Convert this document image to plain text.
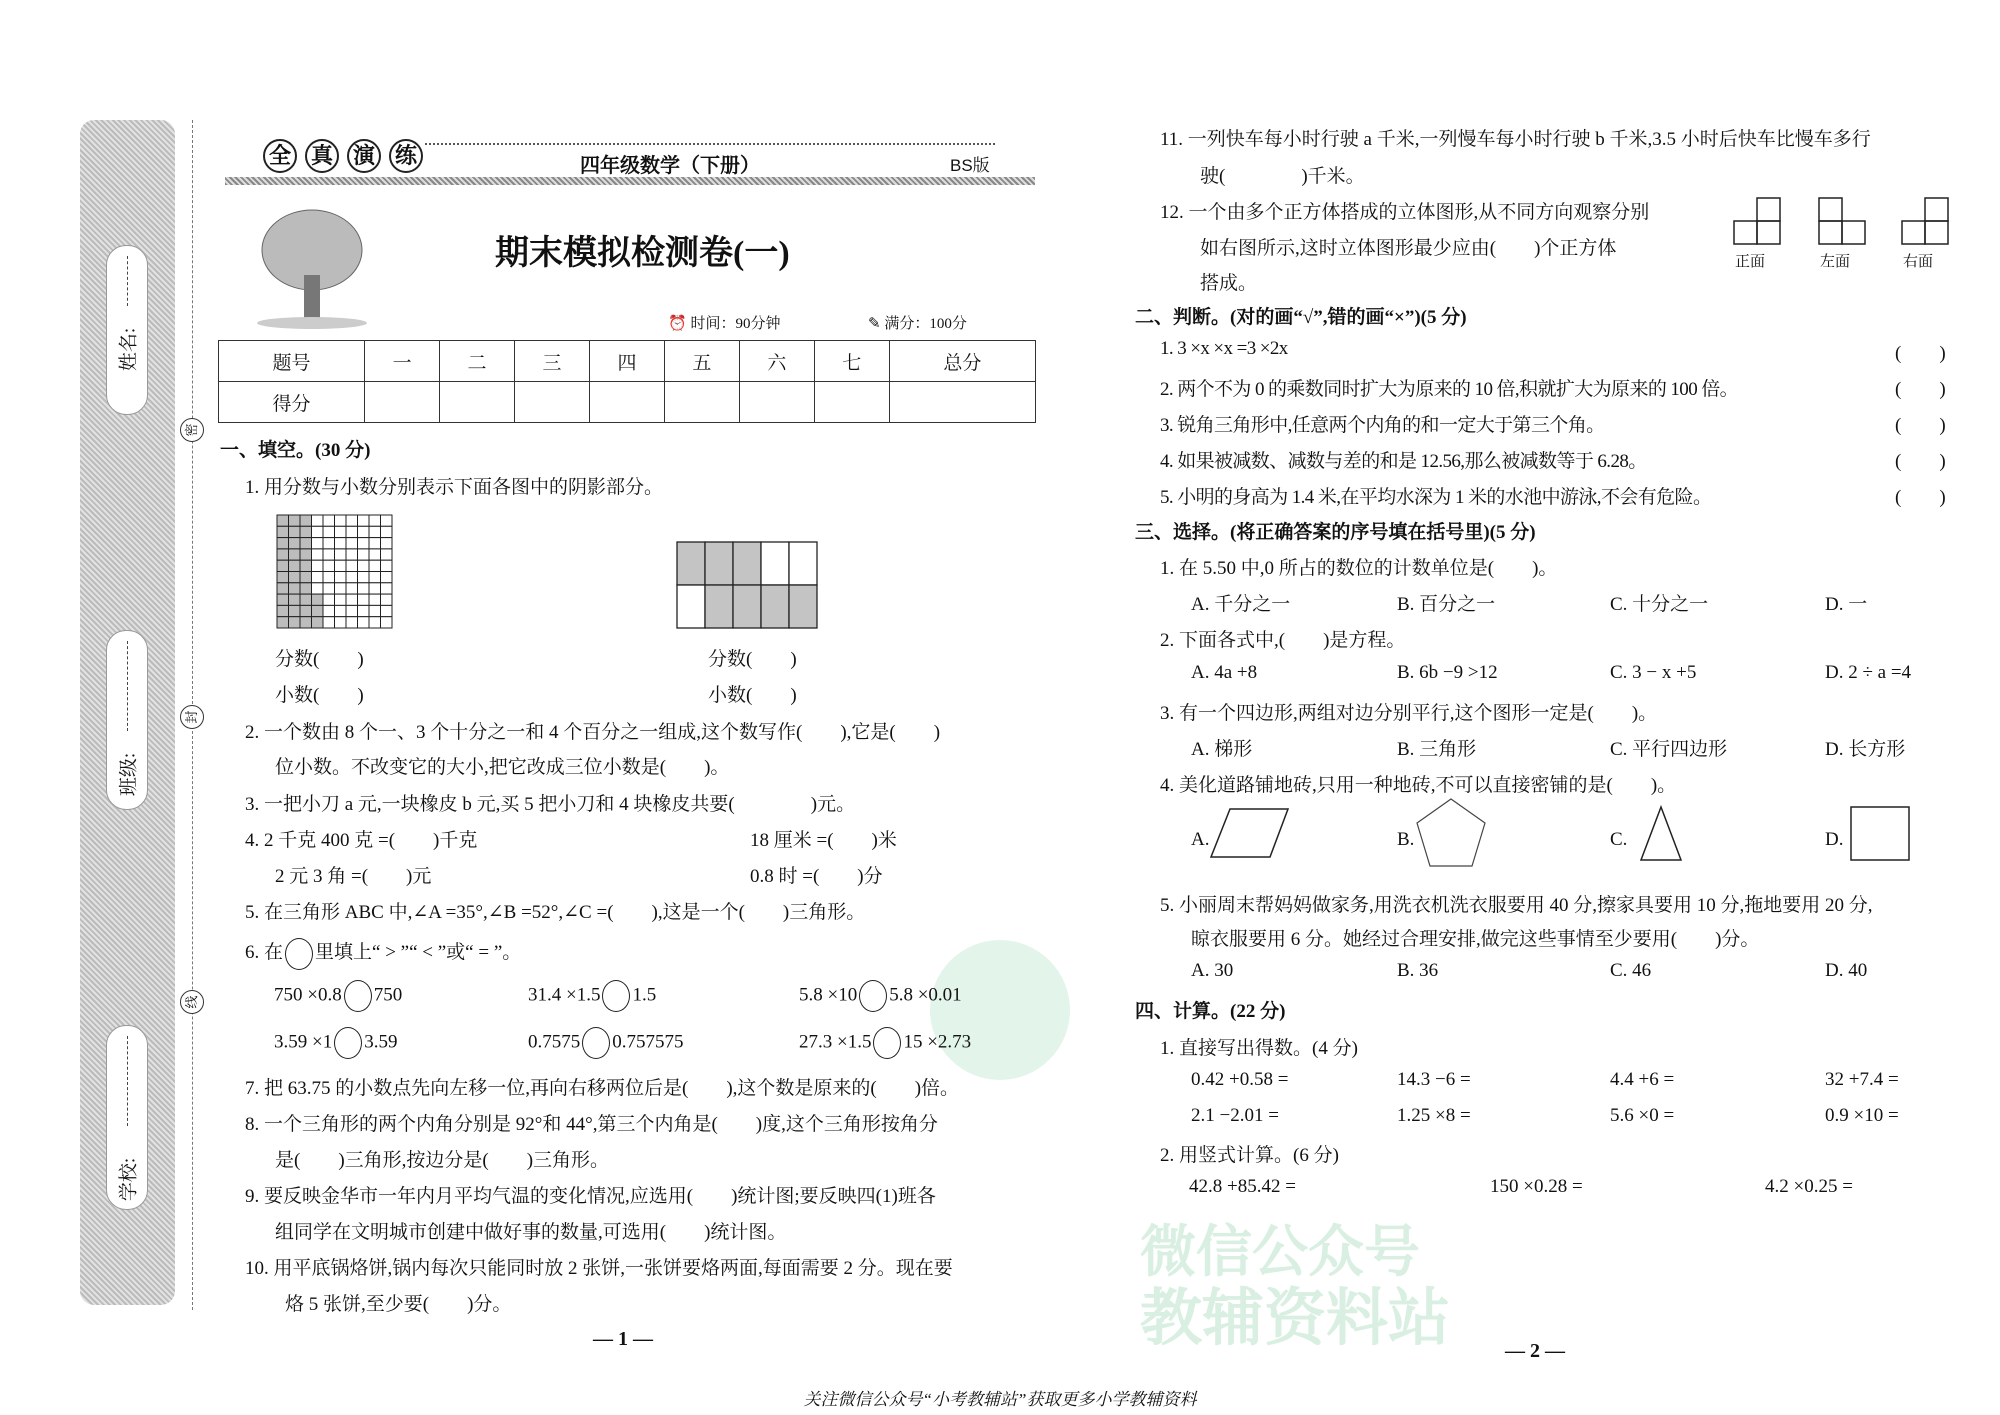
微信公众号
教辅资料站
姓名:
班级:
学校:
密
封
线
全 真 演 练	四年级数学（下册）	BS版
期末模拟检测卷(一)
⏰ 时间：90分钟	✎ 满分：100分
题号	一	二	三	四	五	六	七	总分
得分								
一、填空。(30 分)
1. 用分数与小数分别表示下面各图中的阴影部分。
分数(　　)
小数(　　)
分数(　　)
小数(　　)
2. 一个数由 8 个一、3 个十分之一和 4 个百分之一组成,这个数写作(　　),它是(　　)
位小数。不改变它的大小,把它改成三位小数是(　　)。
3. 一把小刀 a 元,一块橡皮 b 元,买 5 把小刀和 4 块橡皮共要(　　　　)元。
4. 2 千克 400 克 =(　　)千克	18 厘米 =(　　)米
2 元 3 角 =(　　)元	0.8 时 =(　　)分
5. 在三角形 ABC 中,∠A =35°,∠B =52°,∠C =(　　),这是一个(　　)三角形。
6. 在 里填上“ > ”“ < ”或“ = ”。
750 ×0.8 750	31.4 ×1.5 1.5	5.8 ×10 5.8 ×0.01
3.59 ×1 3.59	0.7575 0.757575	27.3 ×1.5 15 ×2.73
7. 把 63.75 的小数点先向左移一位,再向右移两位后是(　　),这个数是原来的(　　)倍。
8. 一个三角形的两个内角分别是 92°和 44°,第三个内角是(　　)度,这个三角形按角分
是(　　)三角形,按边分是(　　)三角形。
9. 要反映金华市一年内月平均气温的变化情况,应选用(　　)统计图;要反映四(1)班各
组同学在文明城市创建中做好事的数量,可选用(　　)统计图。
10. 用平底锅烙饼,锅内每次只能同时放 2 张饼,一张饼要烙两面,每面需要 2 分。现在要
烙 5 张饼,至少要(　　)分。
— 1 —
11. 一列快车每小时行驶 a 千米,一列慢车每小时行驶 b 千米,3.5 小时后快车比慢车多行
驶(　　　　)千米。
12. 一个由多个正方体搭成的立体图形,从不同方向观察分别
如右图所示,这时立体图形最少应由(　　)个正方体
搭成。
正面	左面	右面
二、判断。(对的画“√”,错的画“×”)(5 分)
1. 3 ×x ×x =3 ×2x	(　　)
2. 两个不为 0 的乘数同时扩大为原来的 10 倍,积就扩大为原来的 100 倍。	(　　)
3. 锐角三角形中,任意两个内角的和一定大于第三个角。	(　　)
4. 如果被减数、减数与差的和是 12.56,那么被减数等于 6.28。	(　　)
5. 小明的身高为 1.4 米,在平均水深为 1 米的水池中游泳,不会有危险。	(　　)
三、选择。(将正确答案的序号填在括号里)(5 分)
1. 在 5.50 中,0 所占的数位的计数单位是(　　)。
A. 千分之一	B. 百分之一	C. 十分之一	D. 一
2. 下面各式中,(　　)是方程。
A. 4a +8	B. 6b −9 >12	C. 3 − x +5	D. 2 ÷ a =4
3. 有一个四边形,两组对边分别平行,这个图形一定是(　　)。
A. 梯形	B. 三角形	C. 平行四边形	D. 长方形
4. 美化道路铺地砖,只用一种地砖,不可以直接密铺的是(　　)。
A.	B.	C.	D.
5. 小丽周末帮妈妈做家务,用洗衣机洗衣服要用 40 分,擦家具要用 10 分,拖地要用 20 分,
晾衣服要用 6 分。她经过合理安排,做完这些事情至少要用(　　)分。
A. 30	B. 36	C. 46	D. 40
四、计算。(22 分)
1. 直接写出得数。(4 分)
0.42 +0.58 =	14.3 −6 =	4.4 +6 =	32 +7.4 =
2.1 −2.01 =	1.25 ×8 =	5.6 ×0 =	0.9 ×10 =
2. 用竖式计算。(6 分)
42.8 +85.42 =	150 ×0.28 =	4.2 ×0.25 =
— 2 —
关注微信公众号“小考教辅站”获取更多小学教辅资料
